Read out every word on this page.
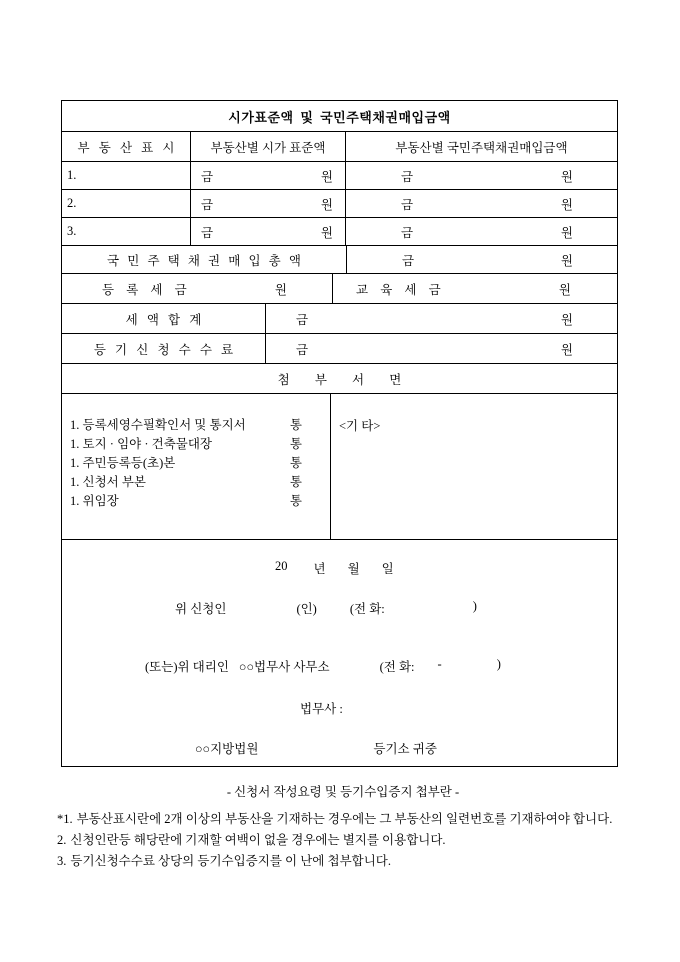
시가표준액 및 국민주택채권매입금액
부 동 산 표 시	부동산별 시가 표준액	부동산별 국민주택채권매입금액
1.	금	원	금	원
2.	금	원	금	원
3.	금	원	금	원
국 민 주 택 채 권 매 입 총 액	금	원
등 록 세 금	원	교 육 세 금	원
세 액 합 계	금	원
등 기 신 청 수 수 료	금	원
첨 부 서 면
1. 등록세영수필확인서 및 통지서	통
1. 토지 · 임야 · 건축물대장	통
1. 주민등록등(초)본	통
1. 신청서 부본	통
1. 위임장	통
<기 타>
20 년 월 일
위 신청인	(인)	(전 화:	)
(또는)위 대리인 ○○법무사 사무소	(전 화: -	)
법무사 :
○○지방법원	등기소 귀중
- 신청서 작성요령 및 등기수입증지 첩부란 -
*1. 부동산표시란에 2개 이상의 부동산을 기재하는 경우에는 그 부동산의 일련번호를 기재하여야 합니다.
2. 신청인란등 해당란에 기재할 여백이 없을 경우에는 별지를 이용합니다.
3. 등기신청수수료 상당의 등기수입증지를 이 난에 첩부합니다.
